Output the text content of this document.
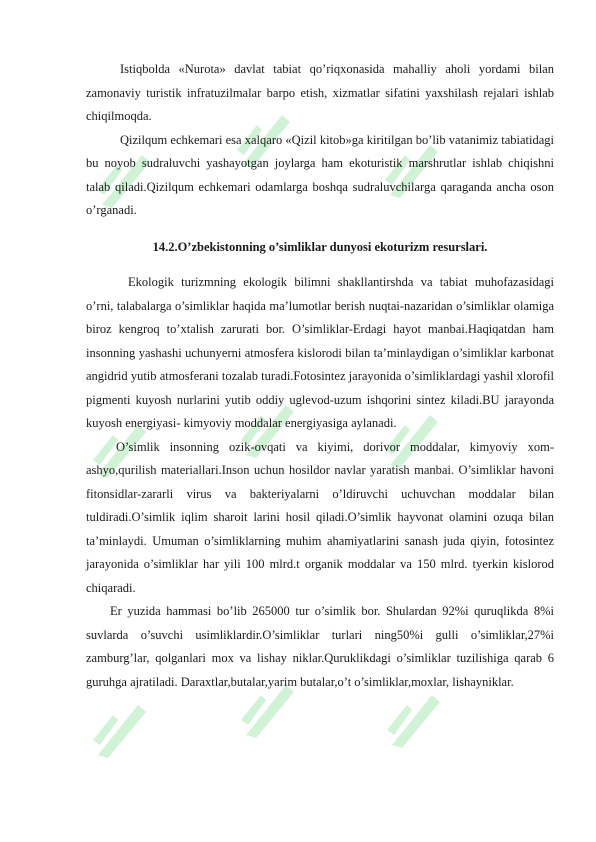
Istiqbolda «Nurota» davlat tabiat qo’riqxonasida mahalliy aholi yordami bilan zamonaviy turistik infratuzilmalar barpo etish, xizmatlar sifatini yaxshilash rejalari ishlab chiqilmoqda.

Qizilqum echkemari esa xalqaro «Qizil kitob»ga kiritilgan bo’lib vatanimiz tabiatidagi bu noyob sudraluvchi yashayotgan joylarga ham ekoturistik marshrutlar ishlab chiqishni talab qiladi.Qizilqum echkemari odamlarga boshqa sudraluvchilarga qaraganda ancha oson o’rganadi.

14.2.O’zbekistonning o’simliklar dunyosi ekoturizm resurslari.

Ekologik turizmning ekologik bilimni shakllantirshda va tabiat muhofazasidagi o’rni, talabalarga o’simliklar haqida ma’lumotlar berish nuqtai-nazaridan o’simliklar olamiga biroz kengroq to’xtalish zarurati bor. O’simliklar-Erdagi hayot manbai.Haqiqatdan ham insonning yashashi uchunyerni atmosfera kislorodi bilan ta’minlaydigan o’simliklar karbonat angidrid yutib atmosferani tozalab turadi.Fotosintez jarayonida o’simliklardagi yashil xlorofil pigmenti kuyosh nurlarini yutib oddiy uglevod-uzum ishqorini sintez kiladi.BU jarayonda kuyosh energiyasi- kimyoviy moddalar energiyasiga aylanadi.

O’simlik insonning ozik-ovqati va kiyimi, dorivor moddalar, kimyoviy xom-ashyo,qurilish materiallari.Inson uchun hosildor navlar yaratish manbai. O’simliklar havoni fitonsidlar-zararli virus va bakteriyalarni o’ldiruvchi uchuvchan moddalar bilan tuldiradi.O’simlik iqlim sharoit larini hosil qiladi.O’simlik hayvonat olamini ozuqa bilan ta’minlaydi. Umuman o’simliklarning muhim ahamiyatlarini sanash juda qiyin, fotosintez jarayonida o’simliklar har yili 100 mlrd.t organik moddalar va 150 mlrd. tyerkin kislorod chiqaradi.

Er yuzida hammasi bo’lib 265000 tur o’simlik bor. Shulardan 92%i quruqlikda 8%i suvlarda o’suvchi usimliklardir.O’simliklar turlari ning50%i gulli o’simliklar,27%i zamburg’lar, qolganlari mox va lishay niklar.Quruklikdagi o’simliklar tuzilishiga qarab 6 guruhga ajratiladi. Daraxtlar,butalar,yarim butalar,o’t o’simliklar,moxlar, lishayniklar.
